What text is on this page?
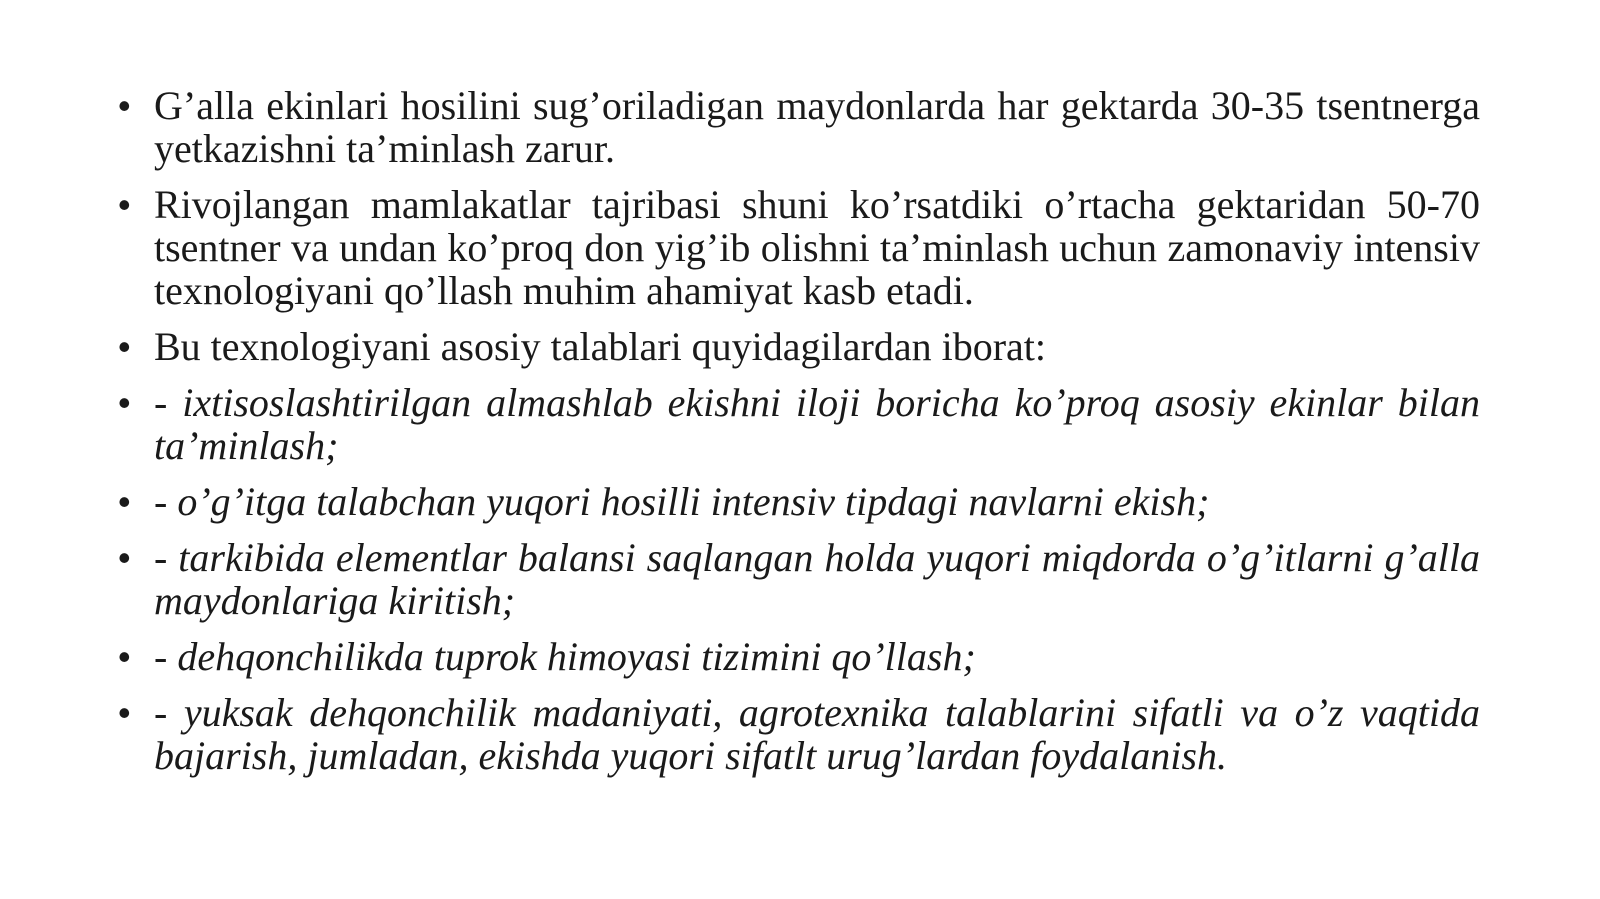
• G’alla ekinlari hosilini sug’oriladigan maydonlarda har gektarda 30-35 tsentnerga yetkazishni ta’minlash zarur.
• Rivojlangan mamlakatlar tajribasi shuni ko’rsatdiki o’rtacha gektaridan 50-70 tsentner va undan ko’proq don yig’ib olishni ta’minlash uchun zamonaviy intensiv texnologiyani qo’llash muhim ahamiyat kasb etadi.
• Bu texnologiyani asosiy talablari quyidagilardan iborat:
• - ixtisoslashtirilgan almashlab ekishni iloji boricha ko’proq asosiy ekinlar bilan ta’minlash;
• - o’g’itga talabchan yuqori hosilli intensiv tipdagi navlarni ekish;
• - tarkibida elementlar balansi saqlangan holda yuqori miqdorda o’g’itlarni g’alla maydonlariga kiritish;
• - dehqonchilikda tuprok himoyasi tizimini qo’llash;
• - yuksak dehqonchilik madaniyati, agrotexnika talablarini sifatli va o’z vaqtida bajarish, jumladan, ekishda yuqori sifatlt urug’lardan foydalanish.
